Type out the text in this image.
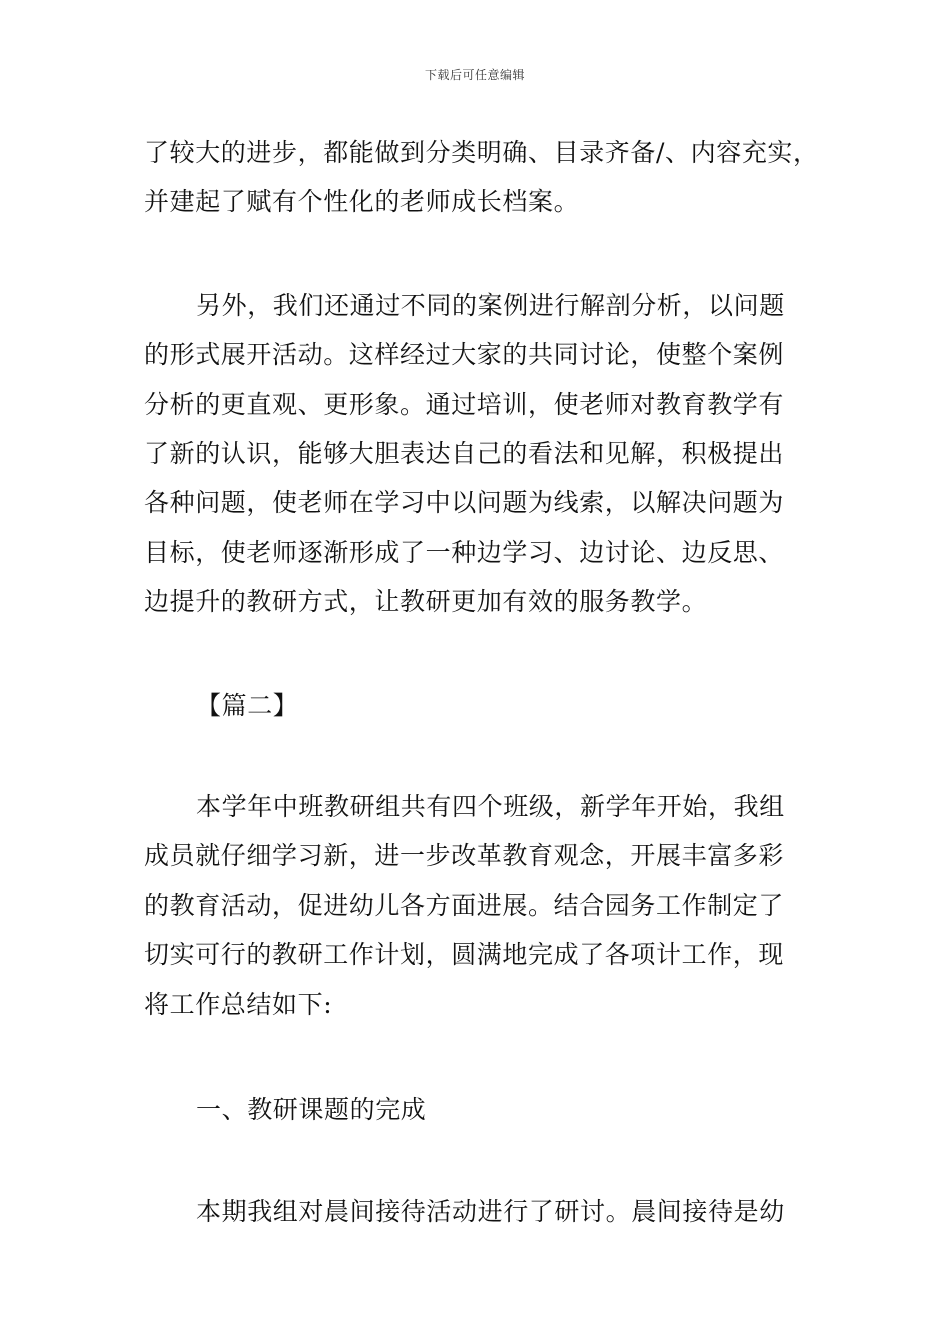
下载后可任意编辑
了较大的进步，都能做到分类明确、目录齐备/、内容充实，
并建起了赋有个性化的老师成长档案。
另外，我们还通过不同的案例进行解剖分析，以问题
的形式展开活动。这样经过大家的共同讨论，使整个案例
分析的更直观、更形象。通过培训，使老师对教育教学有
了新的认识，能够大胆表达自己的看法和见解，积极提出
各种问题，使老师在学习中以问题为线索，以解决问题为
目标，使老师逐渐形成了一种边学习、边讨论、边反思、
边提升的教研方式，让教研更加有效的服务教学。
【篇二】
本学年中班教研组共有四个班级，新学年开始，我组
成员就仔细学习新，进一步改革教育观念，开展丰富多彩
的教育活动，促进幼儿各方面进展。结合园务工作制定了
切实可行的教研工作计划，圆满地完成了各项计工作，现
将工作总结如下:
一、教研课题的完成
本期我组对晨间接待活动进行了研讨。晨间接待是幼
